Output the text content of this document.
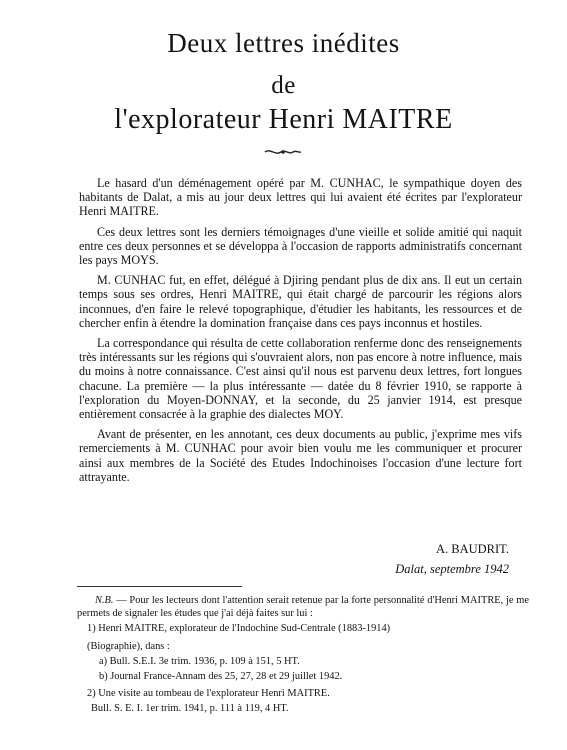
Deux lettres inédites
de
l'explorateur Henri MAITRE

Le hasard d'un déménagement opéré par M. CUNHAC, le sympathique doyen des habitants de Dalat, a mis au jour deux lettres qui lui avaient été écrites par l'explorateur Henri MAITRE.

Ces deux lettres sont les derniers témoignages d'une vieille et solide amitié qui naquit entre ces deux personnes et se développa à l'occasion de rapports administratifs concernant les pays MOYS.

M. CUNHAC fut, en effet, délégué à Djiring pendant plus de dix ans. Il eut un certain temps sous ses ordres, Henri MAITRE, qui était chargé de parcourir les régions alors inconnues, d'en faire le relevé topographique, d'étudier les habitants, les ressources et de chercher enfin à étendre la domination française dans ces pays inconnus et hostiles.

La correspondance qui résulta de cette collaboration renferme donc des renseignements très intéressants sur les régions qui s'ouvraient alors, non pas encore à notre influence, mais du moins à notre connaissance. C'est ainsi qu'il nous est parvenu deux lettres, fort longues chacune. La première — la plus intéressante — datée du 8 février 1910, se rapporte à l'exploration du Moyen-DONNAY, et la seconde, du 25 janvier 1914, est presque entièrement consacrée à la graphie des dialectes MOY.

Avant de présenter, en les annotant, ces deux documents au public, j'exprime mes vifs remerciements à M. CUNHAC pour avoir bien voulu me les communiquer et procurer ainsi aux membres de la Société des Etudes Indochinoises l'occasion d'une lecture fort attrayante.

A. BAUDRIT.
Dalat, septembre 1942
N.B. — Pour les lecteurs dont l'attention serait retenue par la forte personnalité d'Henri MAITRE, je me permets de signaler les études que j'ai déjà faites sur lui :
1) Henri MAITRE, explorateur de l'Indochine Sud-Centrale (1883-1914)
(Biographie), dans :
a) Bull. S.E.I. 3e trim. 1936, p. 109 à 151, 5 HT.
b) Journal France-Annam des 25, 27, 28 et 29 juillet 1942.
2) Une visite au tombeau de l'explorateur Henri MAITRE.
Bull. S. E. I. 1er trim. 1941, p. 111 à 119, 4 HT.
